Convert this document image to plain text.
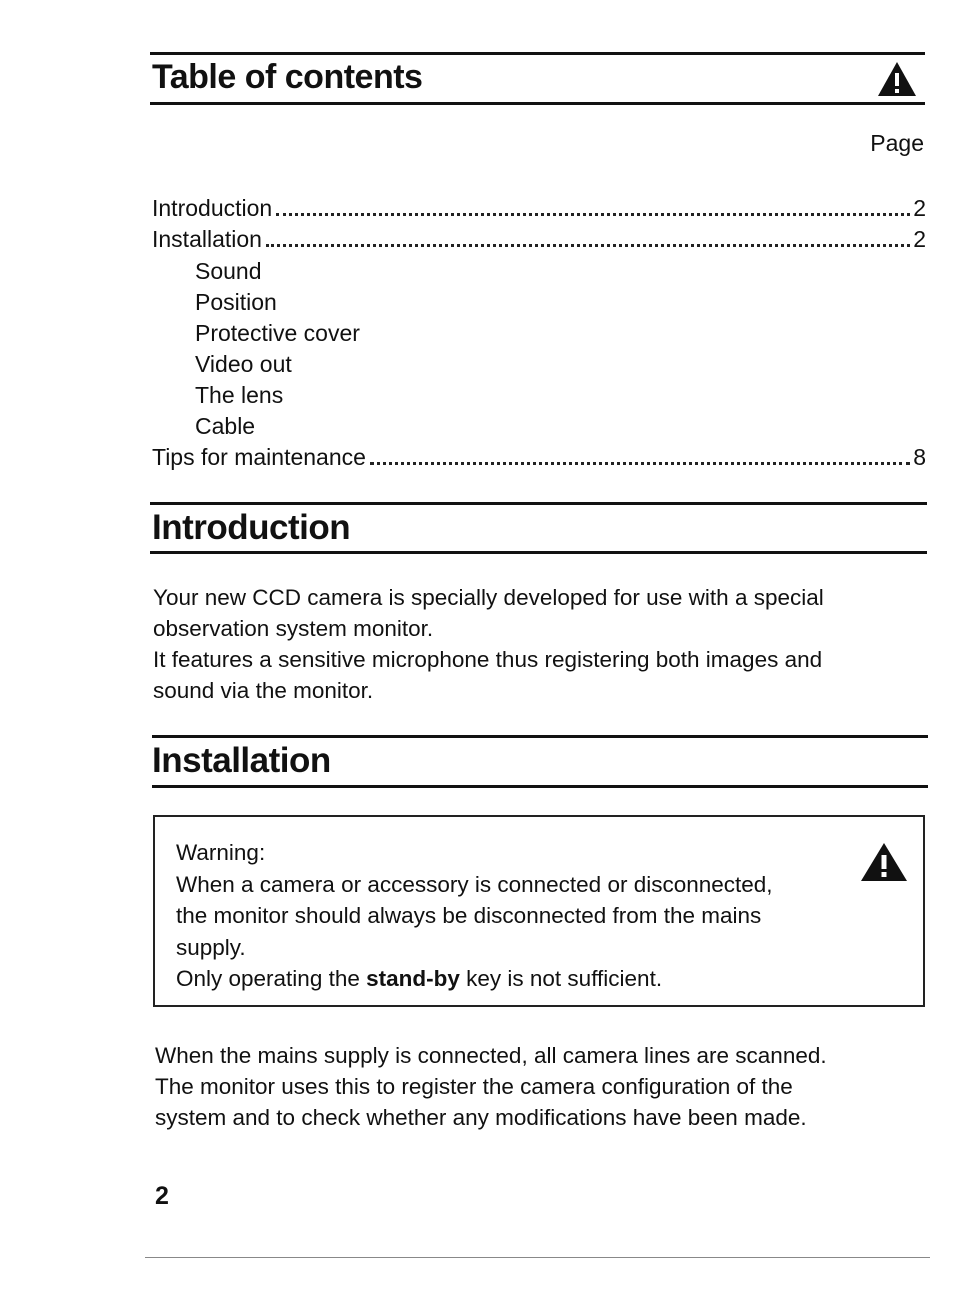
Table of contents
Page
Introduction	2
Installation	2
Sound
Position
Protective cover
Video out
The lens
Cable
Tips for maintenance	8
Introduction
Your new CCD camera is specially developed for use with a special
observation system monitor.
It features a sensitive microphone thus registering both images and
sound via the monitor.
Installation
Warning:
When a camera or accessory is connected or disconnected,
the monitor should always be disconnected from the mains
supply.
Only operating the stand-by key is not sufficient.
When the mains supply is connected, all camera lines are scanned.
The monitor uses this to register the camera configuration of the
system and to check whether any modifications have been made.
2
